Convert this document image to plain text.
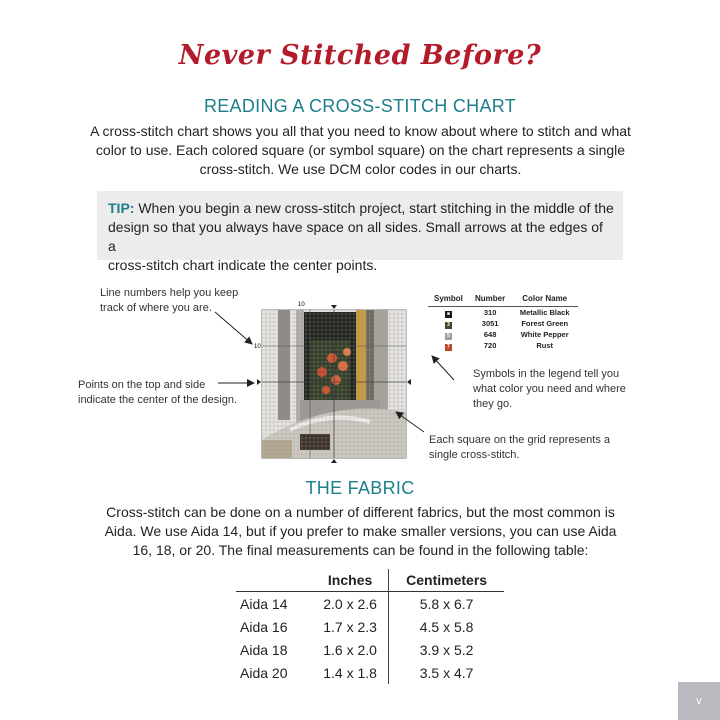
Never Stitched Before?
READING A CROSS-STITCH CHART
A cross-stitch chart shows you all that you need to know about where to stitch and what
color to use. Each colored square (or symbol square) on the chart represents a single
cross-stitch. We use DCM color codes in our charts.
TIP: When you begin a new cross-stitch project, start stitching in the middle of the
design so that you always have space on all sides. Small arrows at the edges of a
cross-stitch chart indicate the center points.
10
10
Line numbers help you keep
track of where you are.
Points on the top and side
indicate the center of the design.
Symbols in the legend tell you
what color you need and where
they go.
Each square on the grid represents a
single cross-stitch.
Symbol	Number	Color Name
■	310	Metallic Black
3	3051	Forest Green
5	648	White Pepper
7	720	Rust
THE FABRIC
Cross-stitch can be done on a number of different fabrics, but the most common is
Aida. We use Aida 14, but if you prefer to make smaller versions, you can use Aida
16, 18, or 20. The final measurements can be found in the following table:
	Inches	Centimeters
Aida 14	2.0 x 2.6	5.8 x 6.7
Aida 16	1.7 x 2.3	4.5 x 5.8
Aida 18	1.6 x 2.0	3.9 x 5.2
Aida 20	1.4 x 1.8	3.5 x 4.7
v
